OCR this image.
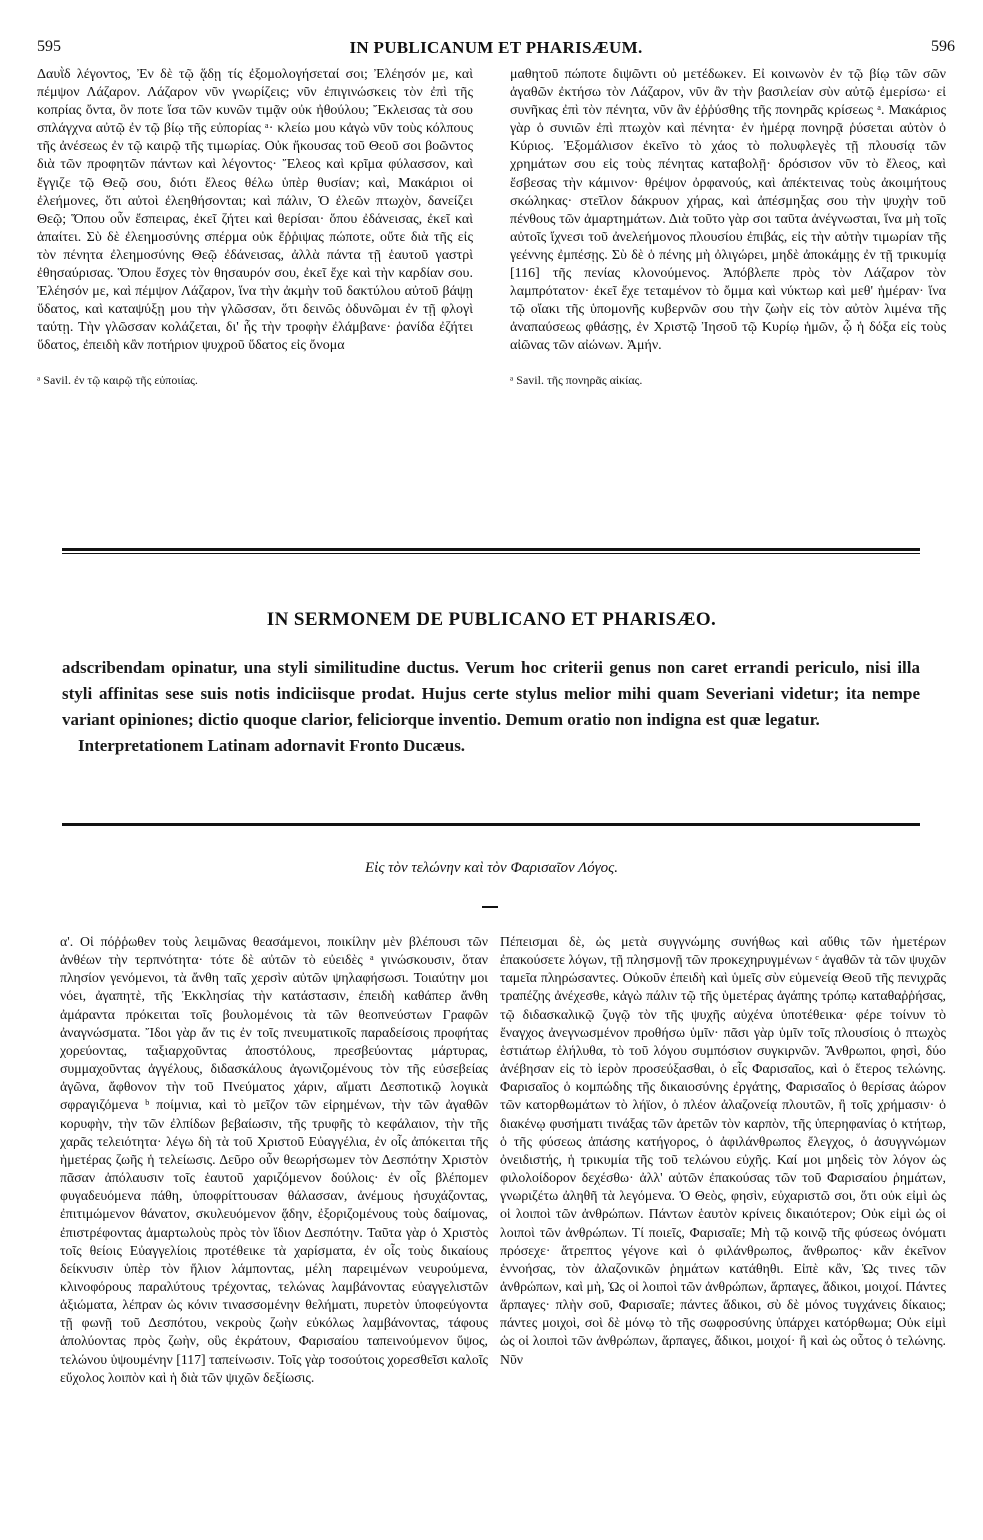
595	IN PUBLICANUM ET PHARISÆUM.	596

Δαυῒδ λέγοντος, Ἐν δὲ τῷ ᾅδῃ τίς ἐξομολογήσεταί σοι; Ἐλέησόν με, καὶ πέμψον Λάζαρον. Λάζαρον νῦν γνωρίζεις; νῦν ἐπιγινώσκεις τὸν ἐπὶ τῆς κοπρίας ὄντα, ὃν ποτε ἴσα τῶν κυνῶν τιμᾷν οὐκ ἠθούλου; Ἔκλεισας τὰ σου σπλάγχνα αὐτῷ ἐν τῷ βίῳ τῆς εὐπορίας ᵃ· κλείω μου κἀγὼ νῦν τοὺς κόλπους τῆς ἀνέσεως ἐν τῷ καιρῷ τῆς τιμωρίας. Οὐκ ἤκουσας τοῦ Θεοῦ σοι βοῶντος διὰ τῶν προφητῶν πάντων καὶ λέγοντος· Ἔλεος καὶ κρῖμα φύλασσον, καὶ ἔγγιζε τῷ Θεῷ σου, διότι ἔλεος θέλω ὑπὲρ θυσίαν; καὶ, Μακάριοι οἱ ἐλεήμονες, ὅτι αὐτοὶ ἐλεηθήσονται; καὶ πάλιν, Ὁ ἐλεῶν πτωχὸν, δανείζει Θεῷ; Ὅπου οὖν ἔσπειρας, ἐκεῖ ζήτει καὶ θερίσαι· ὅπου ἐδάνεισας, ἐκεῖ καὶ ἀπαίτει. Σὺ δὲ ἐλεημοσύνης σπέρμα οὐκ ἔῤῥιψας πώποτε, οὔτε διὰ τῆς εἰς τὸν πένητα ἐλεημοσύνης Θεῷ ἐδάνεισας, ἀλλὰ πάντα τῇ ἑαυτοῦ γαστρὶ ἐθησαύρισας. Ὅπου ἔσχες τὸν θησαυρόν σου, ἐκεῖ ἔχε καὶ τὴν καρδίαν σου. Ἐλέησόν με, καὶ πέμψον Λάζαρον, ἵνα τὴν ἀκμὴν τοῦ δακτύλου αὐτοῦ βάψῃ ὕδατος, καὶ καταψύξῃ μου τὴν γλῶσσαν, ὅτι δεινῶς ὀδυνῶμαι ἐν τῇ φλογὶ ταύτῃ. Τὴν γλῶσσαν κολάζεται, δι' ἧς τὴν τροφὴν ἐλάμβανε· ῥανίδα ἐζήτει ὕδατος, ἐπειδὴ κἂν ποτήριον ψυχροῦ ὕδατος εἰς ὄνομα

ᵃ Savil. ἐν τῷ καιρῷ τῆς εὐποιίας.

μαθητοῦ πώποτε διψῶντι οὐ μετέδωκεν. Εἰ κοινωνὸν ἐν τῷ βίῳ τῶν σῶν ἀγαθῶν ἐκτήσω τὸν Λάζαρον, νῦν ἂν τὴν βασιλείαν σὺν αὐτῷ ἐμερίσω· εἰ συνῆκας ἐπὶ τὸν πένητα, νῦν ἂν ἐῤῥύσθης τῆς πονηρᾶς κρίσεως ᵃ. Μακάριος γὰρ ὁ συνιῶν ἐπὶ πτωχὸν καὶ πένητα· ἐν ἡμέρᾳ πονηρᾷ ῥύσεται αὐτὸν ὁ Κύριος. Ἐξομάλισον ἐκεῖνο τὸ χάος τὸ πολυφλεγὲς τῇ πλουσίᾳ τῶν χρημάτων σου εἰς τοὺς πένητας καταβολῇ· δρόσισον νῦν τὸ ἔλεος, καὶ ἔσβεσας τὴν κάμινον· θρέψον ὀρφανούς, καὶ ἀπέκτεινας τοὺς ἀκοιμήτους σκώληκας· στεῖλον δάκρυον χήρας, καὶ ἀπέσμηξας σου τὴν ψυχὴν τοῦ πένθους τῶν ἁμαρτημάτων. Διὰ τοῦτο γὰρ σοι ταῦτα ἀνέγνωσται, ἵνα μὴ τοῖς αὐτοῖς ἴχνεσι τοῦ ἀνελεήμονος πλουσίου ἐπιβάς, εἰς τὴν αὐτὴν τιμωρίαν τῆς γεέννης ἐμπέσῃς. Σὺ δὲ ὁ πένης μὴ ὀλιγώρει, μηδὲ ἀποκάμῃς ἐν τῇ τρικυμίᾳ [116] τῆς πενίας κλονούμενος. Ἀπόβλεπε πρὸς τὸν Λάζαρον τὸν λαμπρότατον· ἐκεῖ ἔχε τεταμένον τὸ ὄμμα καὶ νύκτωρ καὶ μεθ' ἡμέραν· ἵνα τῷ οἴακι τῆς ὑπομονῆς κυβερνῶν σου τὴν ζωὴν εἰς τὸν αὐτὸν λιμένα τῆς ἀναπαύσεως φθάσῃς, ἐν Χριστῷ Ἰησοῦ τῷ Κυρίῳ ἡμῶν, ᾧ ἡ δόξα εἰς τοὺς αἰῶνας τῶν αἰώνων. Ἀμήν.

ᵃ Savil. τῆς πονηρᾶς αἰκίας.

IN SERMONEM DE PUBLICANO ET PHARISÆO.

adscribendam opinatur, una styli similitudine ductus. Verum hoc criterii genus non caret errandi periculo, nisi illa styli affinitas sese suis notis indiciisque prodat. Hujus certe stylus melior mihi quam Severiani videtur; ita nempe variant opiniones; dictio quoque clarior, feliciorque inventio. Demum oratio non indigna est quæ legatur.

Interpretationem Latinam adornavit Fronto Ducæus.

Εἰς τὸν τελώνην καὶ τὸν Φαρισαῖον Λόγος.

α'. Οἱ πόῤῥωθεν τοὺς λειμῶνας θεασάμενοι, ποικίλην μὲν βλέπουσι τῶν ἀνθέων τὴν τερπνότητα· τότε δὲ αὐτῶν τὸ εὐειδὲς ᵃ γινώσκουσιν, ὅταν πλησίον γενόμενοι, τὰ ἄνθη ταῖς χερσὶν αὐτῶν ψηλαφήσωσι. Τοιαύτην μοι νόει, ἀγαπητὲ, τῆς Ἐκκλησίας τὴν κατάστασιν, ἐπειδὴ καθάπερ ἄνθη ἀμάραντα πρόκειται τοῖς βουλομένοις τὰ τῶν θεοπνεύστων Γραφῶν ἀναγνώσματα. Ἴδοι γὰρ ἄν τις ἐν τοῖς πνευματικοῖς παραδείσοις προφήτας χορεύοντας, ταξιαρχοῦντας ἀποστόλους, πρεσβεύοντας μάρτυρας, συμμαχοῦντας ἀγγέλους, διδασκάλους ἀγωνιζομένους τὸν τῆς εὐσεβείας ἀγῶνα, ἄφθονον τὴν τοῦ Πνεύματος χάριν, αἵματι Δεσποτικῷ λογικὰ σφραγιζόμενα ᵇ ποίμνια, καὶ τὸ μεῖζον τῶν εἰρημένων, τὴν τῶν ἀγαθῶν κορυφὴν, τὴν τῶν ἐλπίδων βεβαίωσιν, τῆς τρυφῆς τὸ κεφάλαιον, τὴν τῆς χαρᾶς τελειότητα· λέγω δὴ τὰ τοῦ Χριστοῦ Εὐαγγέλια, ἐν οἷς ἀπόκειται τῆς ἡμετέρας ζωῆς ἡ τελείωσις. Δεῦρο οὖν θεωρήσωμεν τὸν Δεσπότην Χριστὸν πᾶσαν ἀπόλαυσιν τοῖς ἑαυτοῦ χαριζόμενον δούλοις· ἐν οἷς βλέπομεν φυγαδευόμενα πάθη, ὑποφρίττουσαν θάλασσαν, ἀνέμους ἡσυχάζοντας, ἐπιτιμώμενον θάνατον, σκυλευόμενον ᾅδην, ἐξοριζομένους τοὺς δαίμονας, ἐπιστρέφοντας ἁμαρτωλοὺς πρὸς τὸν ἴδιον Δεσπότην. Ταῦτα γὰρ ὁ Χριστὸς τοῖς θείοις Εὐαγγελίοις προτέθεικε τὰ χαρίσματα, ἐν οἷς τοὺς δικαίους δείκνυσιν ὑπὲρ τὸν ἥλιον λάμποντας, μέλη παρειμένων νευρούμενα, κλινοφόρους παραλύτους τρέχοντας, τελώνας λαμβάνοντας εὐαγγελιστῶν ἀξιώματα, λέπραν ὡς κόνιν τινασσομένην θελήματι, πυρετὸν ὑποφεύγοντα τῇ φωνῇ τοῦ Δεσπότου, νεκροὺς ζωὴν εὐκόλως λαμβάνοντας, τάφους ἀπολύοντας πρὸς ζωὴν, οὓς ἐκράτουν, Φαρισαίου ταπεινούμενον ὕψος, τελώνου ὑψουμένην [117] ταπείνωσιν. Τοῖς γὰρ τοσούτοις χορεσθεῖσι καλοῖς εὔχολος λοιπὸν καὶ ἡ διὰ τῶν ψιχῶν δεξίωσις.

Πέπεισμαι δὲ, ὡς μετὰ συγγνώμης συνήθως καὶ αὔθις τῶν ἡμετέρων ἐπακούσετε λόγων, τῇ πλησμονῇ τῶν προκεχηρυγμένων ᶜ ἀγαθῶν τὰ τῶν ψυχῶν ταμεῖα πληρώσαντες. Οὐκοῦν ἐπειδὴ καὶ ὑμεῖς σὺν εὐμενείᾳ Θεοῦ τῆς πενιχρᾶς τραπέζης ἀνέχεσθε, κἀγὼ πάλιν τῷ τῆς ὑμετέρας ἀγάπης τρόπῳ καταθαῤῥήσας, τῷ διδασκαλικῷ ζυγῷ τὸν τῆς ψυχῆς αὐχένα ὑποτέθεικα· φέρε τοίνυν τὸ ἔναγχος ἀνεγνωσμένον προθήσω ὑμῖν· πᾶσι γὰρ ὑμῖν τοῖς πλουσίοις ὁ πτωχὸς ἑστιάτωρ ἐλήλυθα, τὸ τοῦ λόγου συμπόσιον συγκιρνῶν. Ἄνθρωποι, φησὶ, δύο ἀνέβησαν εἰς τὸ ἱερὸν προσεύξασθαι, ὁ εἷς Φαρισαῖος, καὶ ὁ ἕτερος τελώνης. Φαρισαῖος ὁ κομπώδης τῆς δικαιοσύνης ἐργάτης, Φαρισαῖος ὁ θερίσας ἀώρον τῶν κατορθωμάτων τὸ λήϊον, ὁ πλέον ἀλαζονείᾳ πλουτῶν, ἢ τοῖς χρήμασιν· ὁ διακένῳ φυσήματι τινάξας τῶν ἀρετῶν τὸν καρπὸν, τῆς ὑπερηφανίας ὁ κτήτωρ, ὁ τῆς φύσεως ἁπάσης κατήγορος, ὁ ἀφιλάνθρωπος ἔλεγχος, ὁ ἀσυγγνώμων ὀνειδιστής, ἡ τρικυμία τῆς τοῦ τελώνου εὐχῆς. Καί μοι μηδεὶς τὸν λόγον ὡς φιλολοίδορον δεχέσθω· ἀλλ' αὐτῶν ἐπακούσας τῶν τοῦ Φαρισαίου ῥημάτων, γνωριζέτω ἀληθῆ τὰ λεγόμενα. Ὁ Θεὸς, φησὶν, εὐχαριστῶ σοι, ὅτι οὐκ εἰμὶ ὡς οἱ λοιποὶ τῶν ἀνθρώπων. Πάντων ἑαυτὸν κρίνεις δικαιότερον; Οὐκ εἰμὶ ὡς οἱ λοιποὶ τῶν ἀνθρώπων. Τί ποιεῖς, Φαρισαῖε; Μὴ τῷ κοινῷ τῆς φύσεως ὀνόματι πρόσεχε· ἄτρεπτος γέγονε καὶ ὁ φιλάνθρωπος, ἄνθρωπος· κἂν ἐκεῖνον ἐννοήσας, τὸν ἀλαζονικῶν ῥημάτων κατάθηθι. Εἰπὲ κἂν, Ὡς τινες τῶν ἀνθρώπων, καὶ μὴ, Ὡς οἱ λοιποὶ τῶν ἀνθρώπων, ἅρπαγες, ἄδικοι, μοιχοί. Πάντες ἅρπαγες· πλὴν σοῦ, Φαρισαῖε; πάντες ἄδικοι, σὺ δὲ μόνος τυγχάνεις δίκαιος; πάντες μοιχοὶ, σοὶ δὲ μόνῳ τὸ τῆς σωφροσύνης ὑπάρχει κατόρθωμα; Οὐκ εἰμὶ ὡς οἱ λοιποὶ τῶν ἀνθρώπων, ἅρπαγες, ἄδικοι, μοιχοί· ἢ καὶ ὡς οὗτος ὁ τελώνης. Νῦν
